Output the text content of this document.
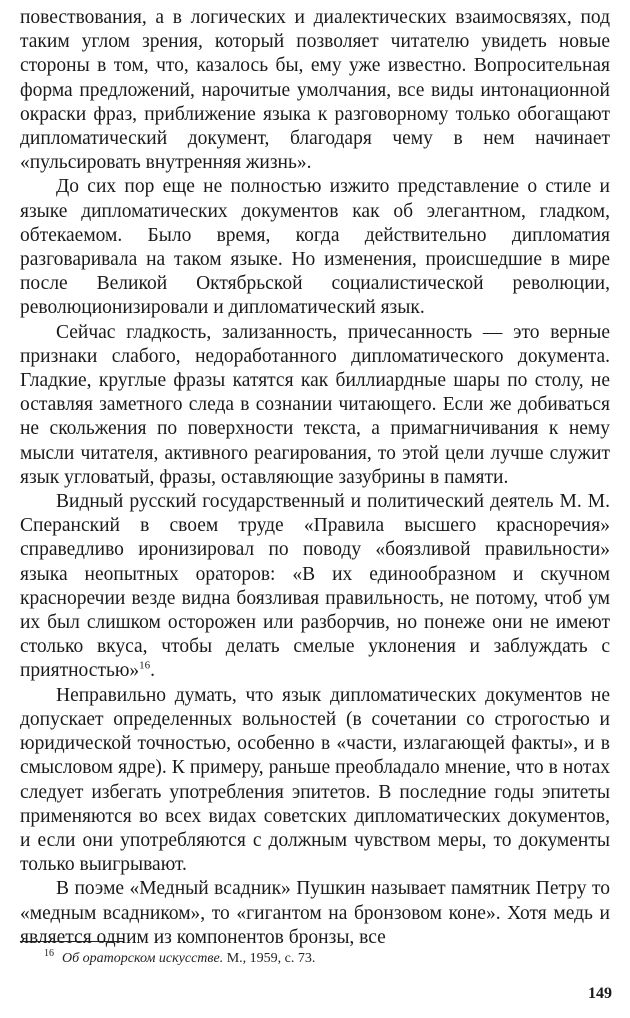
повествования, а в логических и диалектических взаимосвязях, под таким углом зрения, который позволяет читателю увидеть новые стороны в том, что, казалось бы, ему уже известно. Вопросительная форма предложений, нарочитые умолчания, все виды интонационной окраски фраз, приближение языка к разговорному только обогащают дипломатический документ, благодаря чему в нем начинает «пульсировать внутренняя жизнь».

До сих пор еще не полностью изжито представление о стиле и языке дипломатических документов как об элегантном, гладком, обтекаемом. Было время, когда действительно дипломатия разговаривала на таком языке. Но изменения, происшедшие в мире после Великой Октябрьской социалистической революции, революционизировали и дипломатический язык.

Сейчас гладкость, зализанность, причесанность — это верные признаки слабого, недоработанного дипломатического документа. Гладкие, круглые фразы катятся как биллиардные шары по столу, не оставляя заметного следа в сознании читающего. Если же добиваться не скольжения по поверхности текста, а примагничивания к нему мысли читателя, активного реагирования, то этой цели лучше служит язык угловатый, фразы, оставляющие зазубрины в памяти.

Видный русский государственный и политический деятель М. М. Сперанский в своем труде «Правила высшего красноречия» справедливо иронизировал по поводу «боязливой правильности» языка неопытных ораторов: «В их единообразном и скучном красноречии везде видна боязливая правильность, не потому, чтоб ум их был слишком осторожен или разборчив, но понеже они не имеют столько вкуса, чтобы делать смелые уклонения и заблуждать с приятностью»$^{16}$.

Неправильно думать, что язык дипломатических документов не допускает определенных вольностей (в сочетании со строгостью и юридической точностью, особенно в «части, излагающей факты», и в смысловом ядре). К примеру, раньше преобладало мнение, что в нотах следует избегать употребления эпитетов. В последние годы эпитеты применяются во всех видах советских дипломатических документов, и если они употребляются с должным чувством меры, то документы только выигрывают.

В поэме «Медный всадник» Пушкин называет памятник Петру то «медным всадником», то «гигантом на бронзовом коне». Хотя медь и является одним из компонентов бронзы, все

$^{16}$ Об ораторском искусстве. М., 1959, с. 73.
149
